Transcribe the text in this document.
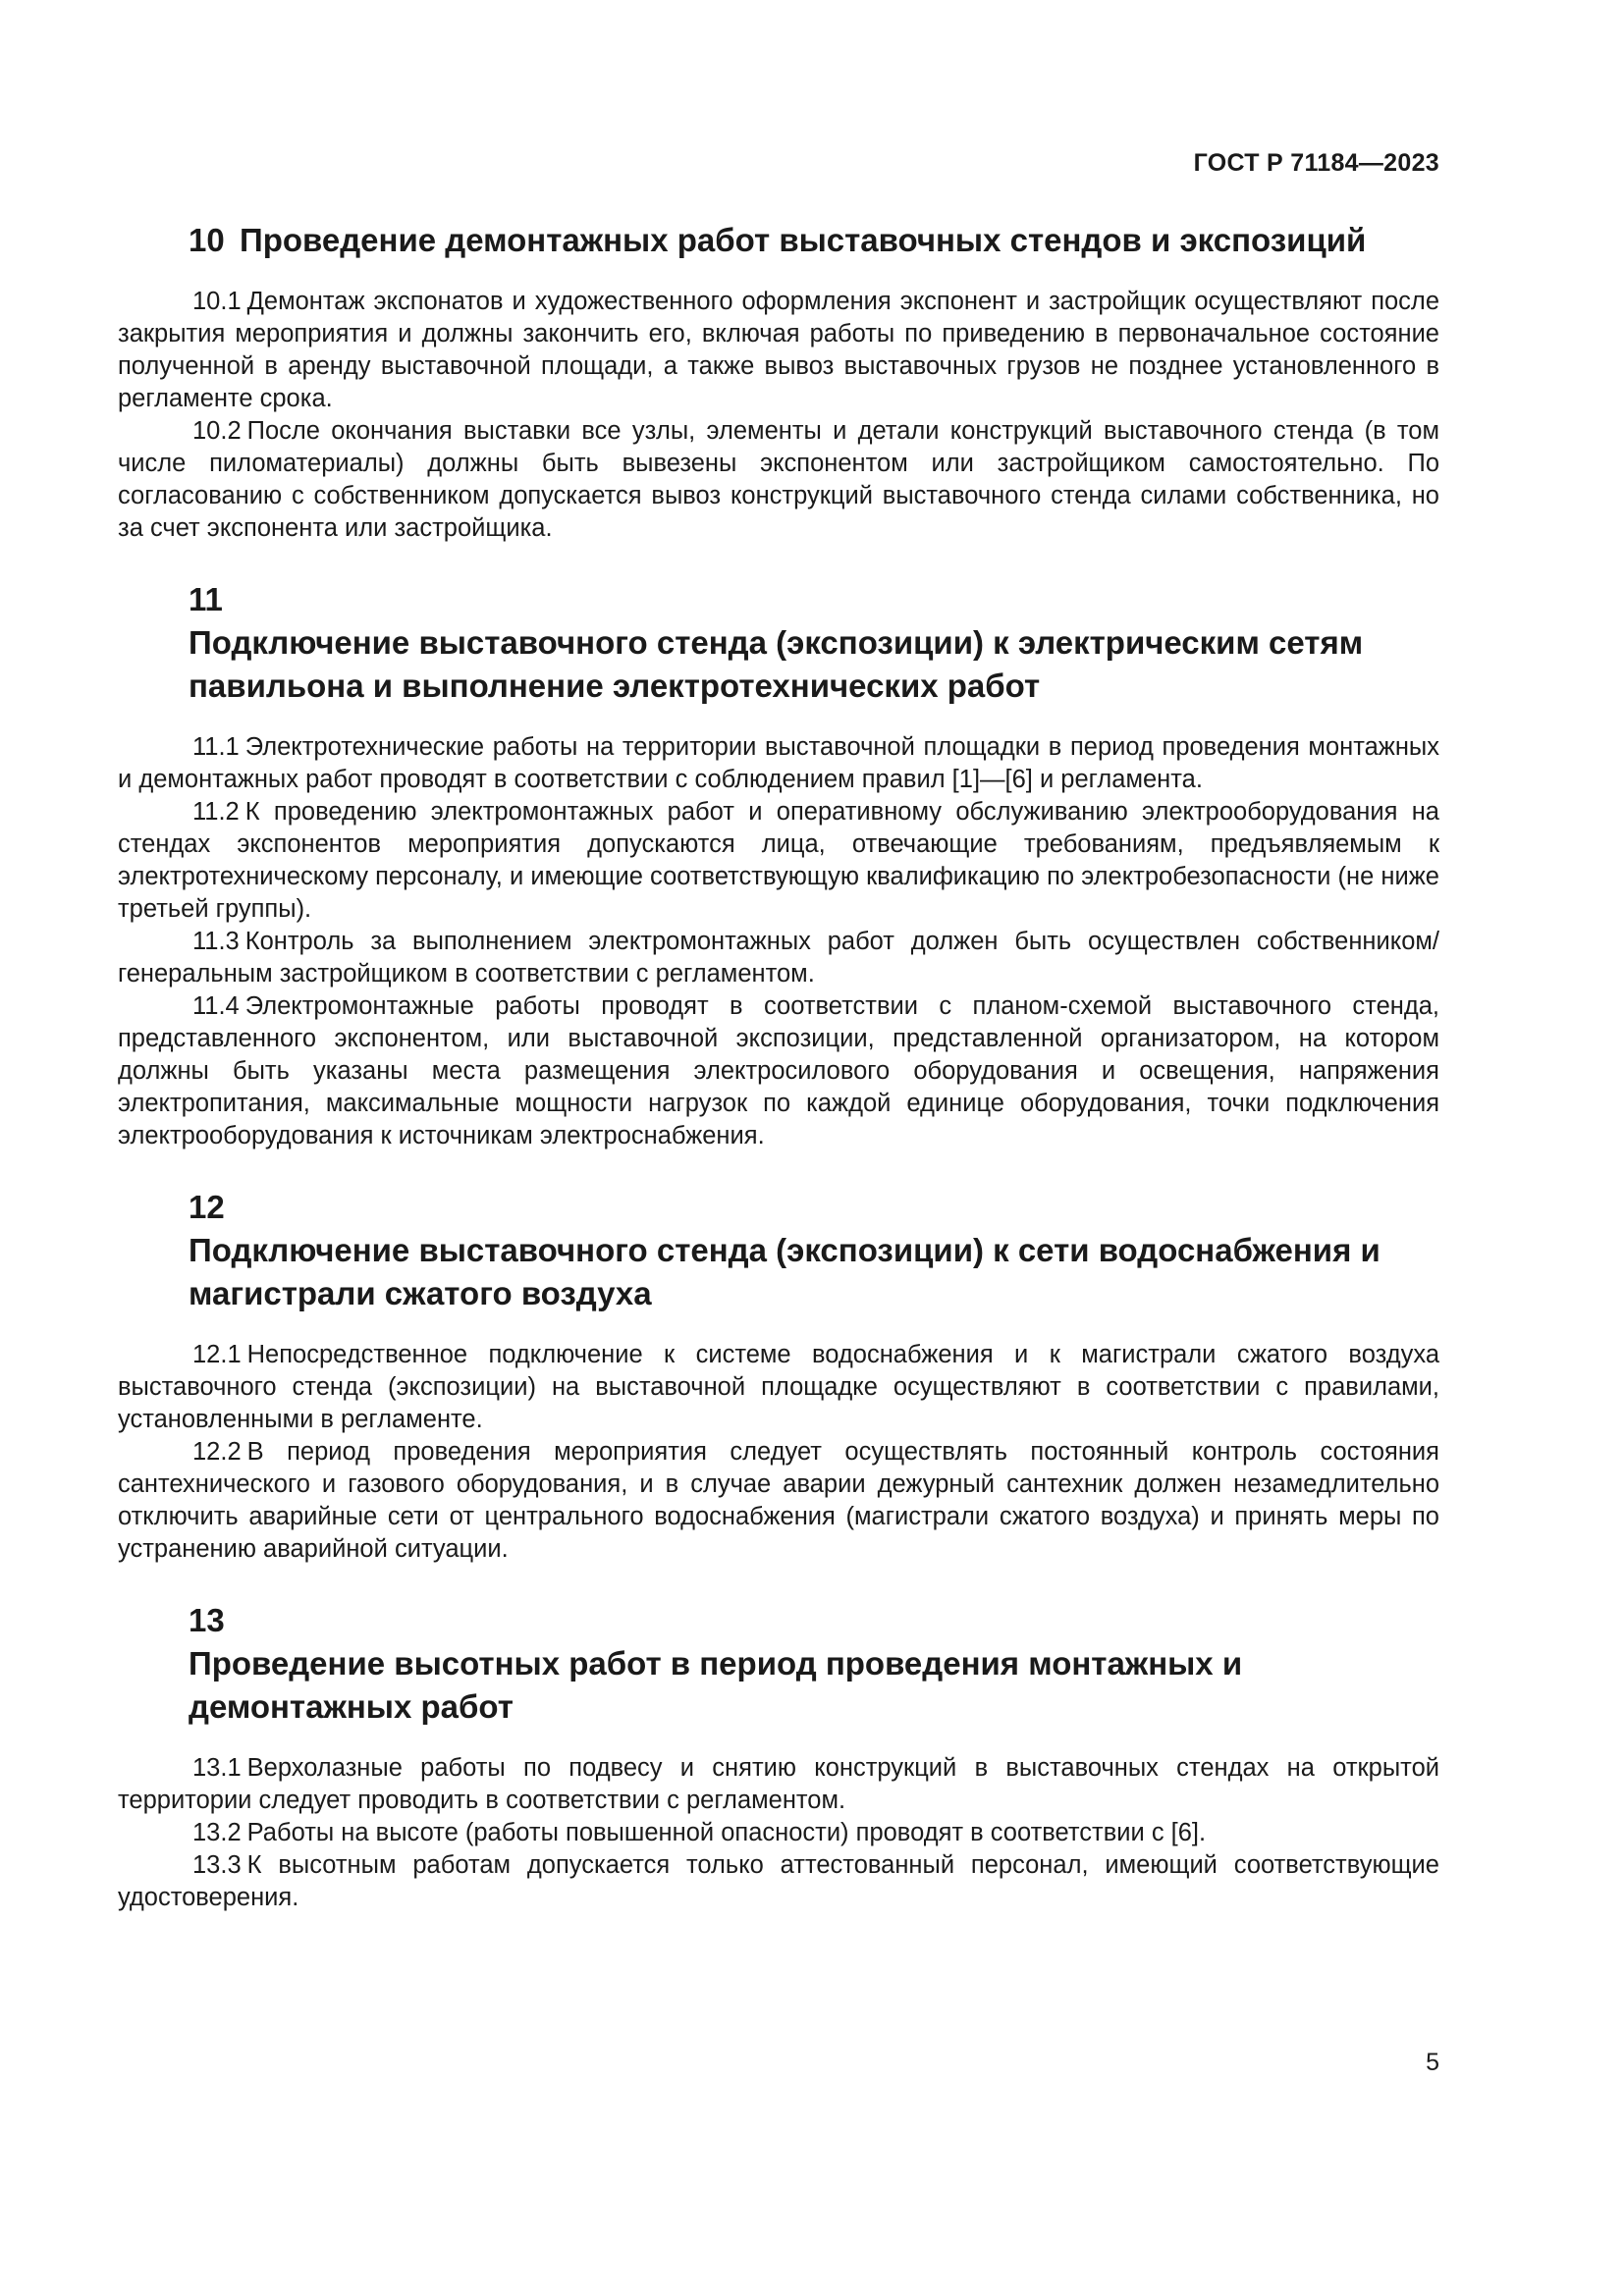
ГОСТ Р 71184—2023
10 Проведение демонтажных работ выставочных стендов и экспозиций

10.1 Демонтаж экспонатов и художественного оформления экспонент и застройщик осуществляют после закрытия мероприятия и должны закончить его, включая работы по приведению в первоначальное состояние полученной в аренду выставочной площади, а также вывоз выставочных грузов не позднее установленного в регламенте срока.

10.2 После окончания выставки все узлы, элементы и детали конструкций выставочного стенда (в том числе пиломатериалы) должны быть вывезены экспонентом или застройщиком самостоятельно. По согласованию с собственником допускается вывоз конструкций выставочного стенда силами собственника, но за счет экспонента или застройщика.

11Подключение выставочного стенда (экспозиции) к электрическим сетям павильона и выполнение электротехнических работ

11.1 Электротехнические работы на территории выставочной площадки в период проведения монтажных и демонтажных работ проводят в соответствии с соблюдением правил [1]—[6] и регламента.

11.2 К проведению электромонтажных работ и оперативному обслуживанию электрооборудования на стендах экспонентов мероприятия допускаются лица, отвечающие требованиям, предъявляемым к электротехническому персоналу, и имеющие соответствующую квалификацию по электробезопасности (не ниже третьей группы).

11.3 Контроль за выполнением электромонтажных работ должен быть осуществлен собственником/генеральным застройщиком в соответствии с регламентом.

11.4 Электромонтажные работы проводят в соответствии с планом-схемой выставочного стенда, представленного экспонентом, или выставочной экспозиции, представленной организатором, на котором должны быть указаны места размещения электросилового оборудования и освещения, напряжения электропитания, максимальные мощности нагрузок по каждой единице оборудования, точки подключения электрооборудования к источникам электроснабжения.

12Подключение выставочного стенда (экспозиции) к сети водоснабжения и магистрали сжатого воздуха

12.1 Непосредственное подключение к системе водоснабжения и к магистрали сжатого воздуха выставочного стенда (экспозиции) на выставочной площадке осуществляют в соответствии с правилами, установленными в регламенте.

12.2 В период проведения мероприятия следует осуществлять постоянный контроль состояния сантехнического и газового оборудования, и в случае аварии дежурный сантехник должен незамедлительно отключить аварийные сети от центрального водоснабжения (магистрали сжатого воздуха) и принять меры по устранению аварийной ситуации.

13Проведение высотных работ в период проведения монтажных и демонтажных работ

13.1 Верхолазные работы по подвесу и снятию конструкций в выставочных стендах на открытой территории следует проводить в соответствии с регламентом.

13.2 Работы на высоте (работы повышенной опасности) проводят в соответствии с [6].

13.3 К высотным работам допускается только аттестованный персонал, имеющий соответствующие удостоверения.

5
